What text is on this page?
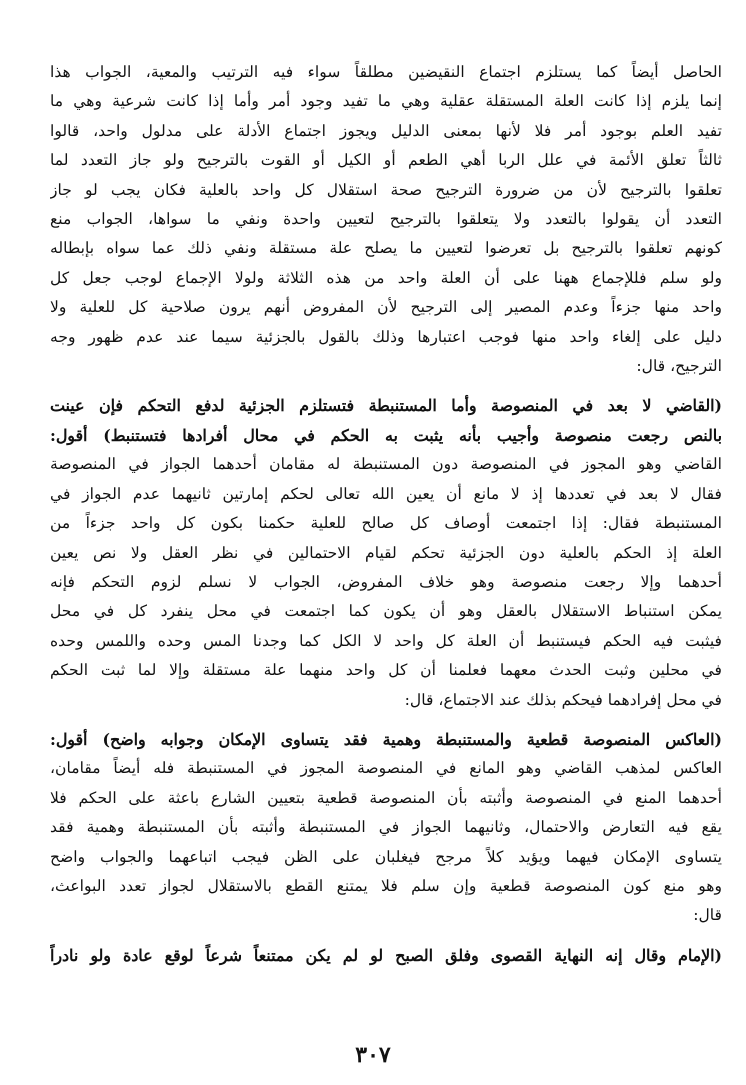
الحاصل أيضاً كما يستلزم اجتماع النقيضين مطلقاً سواء فيه الترتيب والمعية، الجواب هذا
إنما يلزم إذا كانت العلة المستقلة عقلية وهي ما تفيد وجود أمر وأما إذا كانت شرعية وهي ما
تفيد العلم بوجود أمر فلا لأنها بمعنى الدليل ويجوز اجتماع الأدلة على مدلول واحد، قالوا
ثالثاً تعلق الأئمة في علل الربا أهي الطعم أو الكيل أو القوت بالترجيح ولو جاز التعدد لما
تعلقوا بالترجيح لأن من ضرورة الترجيح صحة استقلال كل واحد بالعلية فكان يجب لو جاز
التعدد أن يقولوا بالتعدد ولا يتعلقوا بالترجيح لتعيين واحدة ونفي ما سواها، الجواب منع
كونهم تعلقوا بالترجيح بل تعرضوا لتعيين ما يصلح علة مستقلة ونفي ذلك عما سواه بإبطاله
ولو سلم فللإجماع ههنا على أن العلة واحد من هذه الثلاثة ولولا الإجماع لوجب جعل كل
واحد منها جزءاً وعدم المصير إلى الترجيح لأن المفروض أنهم يرون صلاحية كل للعلية ولا
دليل على إلغاء واحد منها فوجب اعتبارها وذلك بالقول بالجزئية سيما عند عدم ظهور وجه
الترجيح، قال:
(القاضي لا بعد في المنصوصة وأما المستنبطة فتستلزم الجزئية لدفع التحكم فإن عينت
بالنص رجعت منصوصة وأجيب بأنه يثبت به الحكم في محال أفرادها فتستنبط) أقول:
القاضي وهو المجوز في المنصوصة دون المستنبطة له مقامان أحدهما الجواز في المنصوصة
فقال لا بعد في تعددها إذ لا مانع أن يعين الله تعالى لحكم إمارتين ثانيهما عدم الجواز في
المستنبطة فقال: إذا اجتمعت أوصاف كل صالح للعلية حكمنا بكون كل واحد جزءاً من
العلة إذ الحكم بالعلية دون الجزئية تحكم لقيام الاحتمالين في نظر العقل ولا نص يعين
أحدهما وإلا رجعت منصوصة وهو خلاف المفروض، الجواب لا نسلم لزوم التحكم فإنه
يمكن استنباط الاستقلال بالعقل وهو أن يكون كما اجتمعت في محل ينفرد كل في محل
فيثبت فيه الحكم فيستنبط أن العلة كل واحد لا الكل كما وجدنا المس وحده واللمس وحده
في محلين وثبت الحدث معهما فعلمنا أن كل واحد منهما علة مستقلة وإلا لما ثبت الحكم
في محل إفرادهما فيحكم بذلك عند الاجتماع، قال:
(العاكس المنصوصة قطعية والمستنبطة وهمية فقد يتساوى الإمكان وجوابه واضح) أقول:
العاكس لمذهب القاضي وهو المانع في المنصوصة المجوز في المستنبطة فله أيضاً مقامان،
أحدهما المنع في المنصوصة وأثبته بأن المنصوصة قطعية بتعيين الشارع باعثة على الحكم فلا
يقع فيه التعارض والاحتمال، وثانيهما الجواز في المستنبطة وأثبته بأن المستنبطة وهمية فقد
يتساوى الإمكان فيهما ويؤيد كلاً مرجح فيغلبان على الظن فيجب اتباعهما والجواب واضح
وهو منع كون المنصوصة قطعية وإن سلم فلا يمتنع القطع بالاستقلال لجواز تعدد البواعث،
قال:
(الإمام وقال إنه النهاية القصوى وفلق الصبح لو لم يكن ممتنعاً شرعاً لوقع عادة ولو نادراً
٣٠٧
